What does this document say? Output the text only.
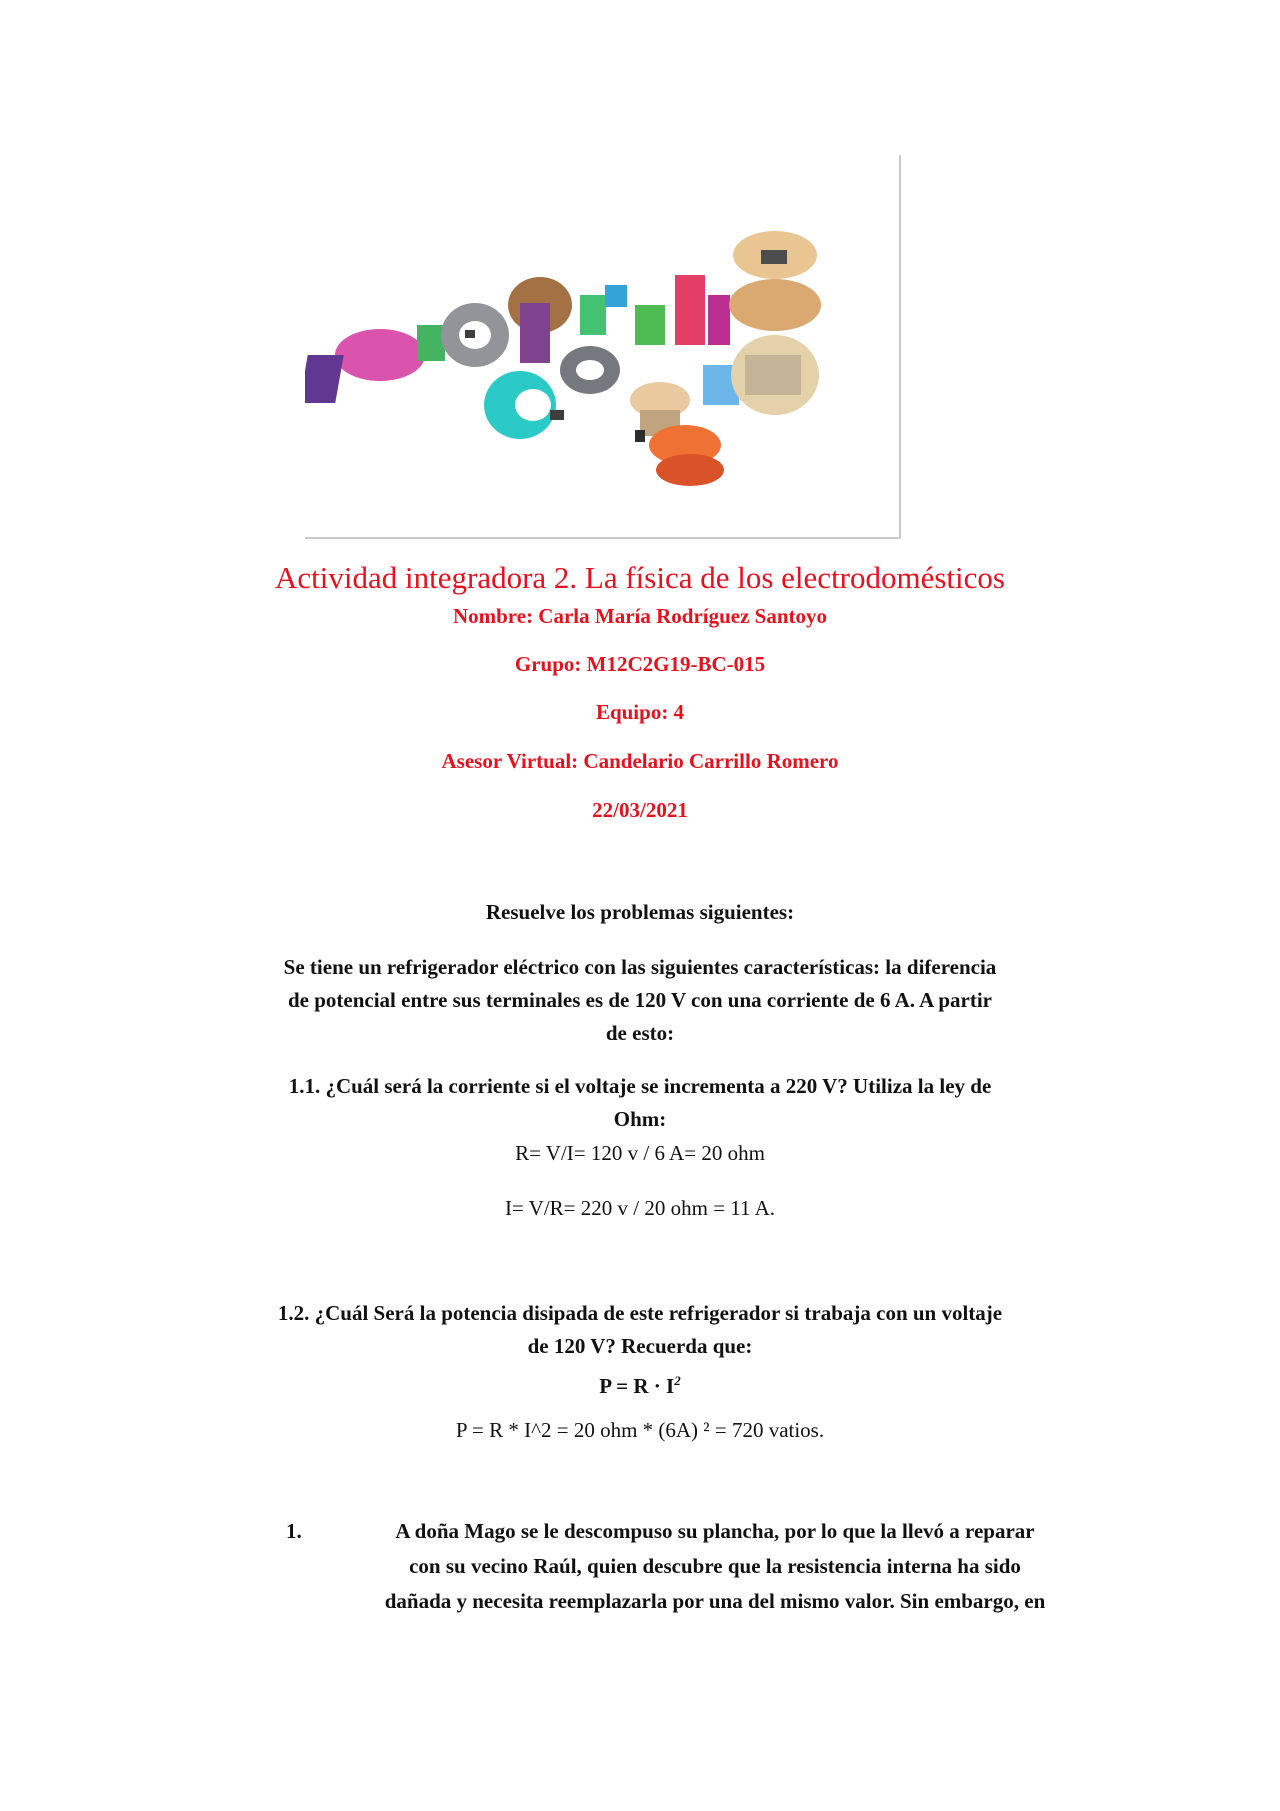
Actividad integradora 2. La física de los electrodomésticos
Nombre: Carla María Rodríguez Santoyo
Grupo: M12C2G19-BC-015
Equipo: 4
Asesor Virtual: Candelario Carrillo Romero
22/03/2021
Resuelve los problemas siguientes:
Se tiene un refrigerador eléctrico con las siguientes características: la diferencia
de potencial entre sus terminales es de 120 V con una corriente de 6 A. A partir
de esto:
1.1. ¿Cuál será la corriente si el voltaje se incrementa a 220 V? Utiliza la ley de
Ohm:
R= V/I= 120 v / 6 A= 20 ohm
I= V/R= 220 v / 20 ohm = 11 A.
1.2. ¿Cuál Será la potencia disipada de este refrigerador si trabaja con un voltaje
de 120 V? Recuerda que:
$P = R \cdot I^2$
P = R * I^2 = 20 ohm * (6A) ² = 720 vatios.
1.	A doña Mago se le descompuso su plancha, por lo que la llevó a reparar
con su vecino Raúl, quien descubre que la resistencia interna ha sido
dañada y necesita reemplazarla por una del mismo valor. Sin embargo, en
